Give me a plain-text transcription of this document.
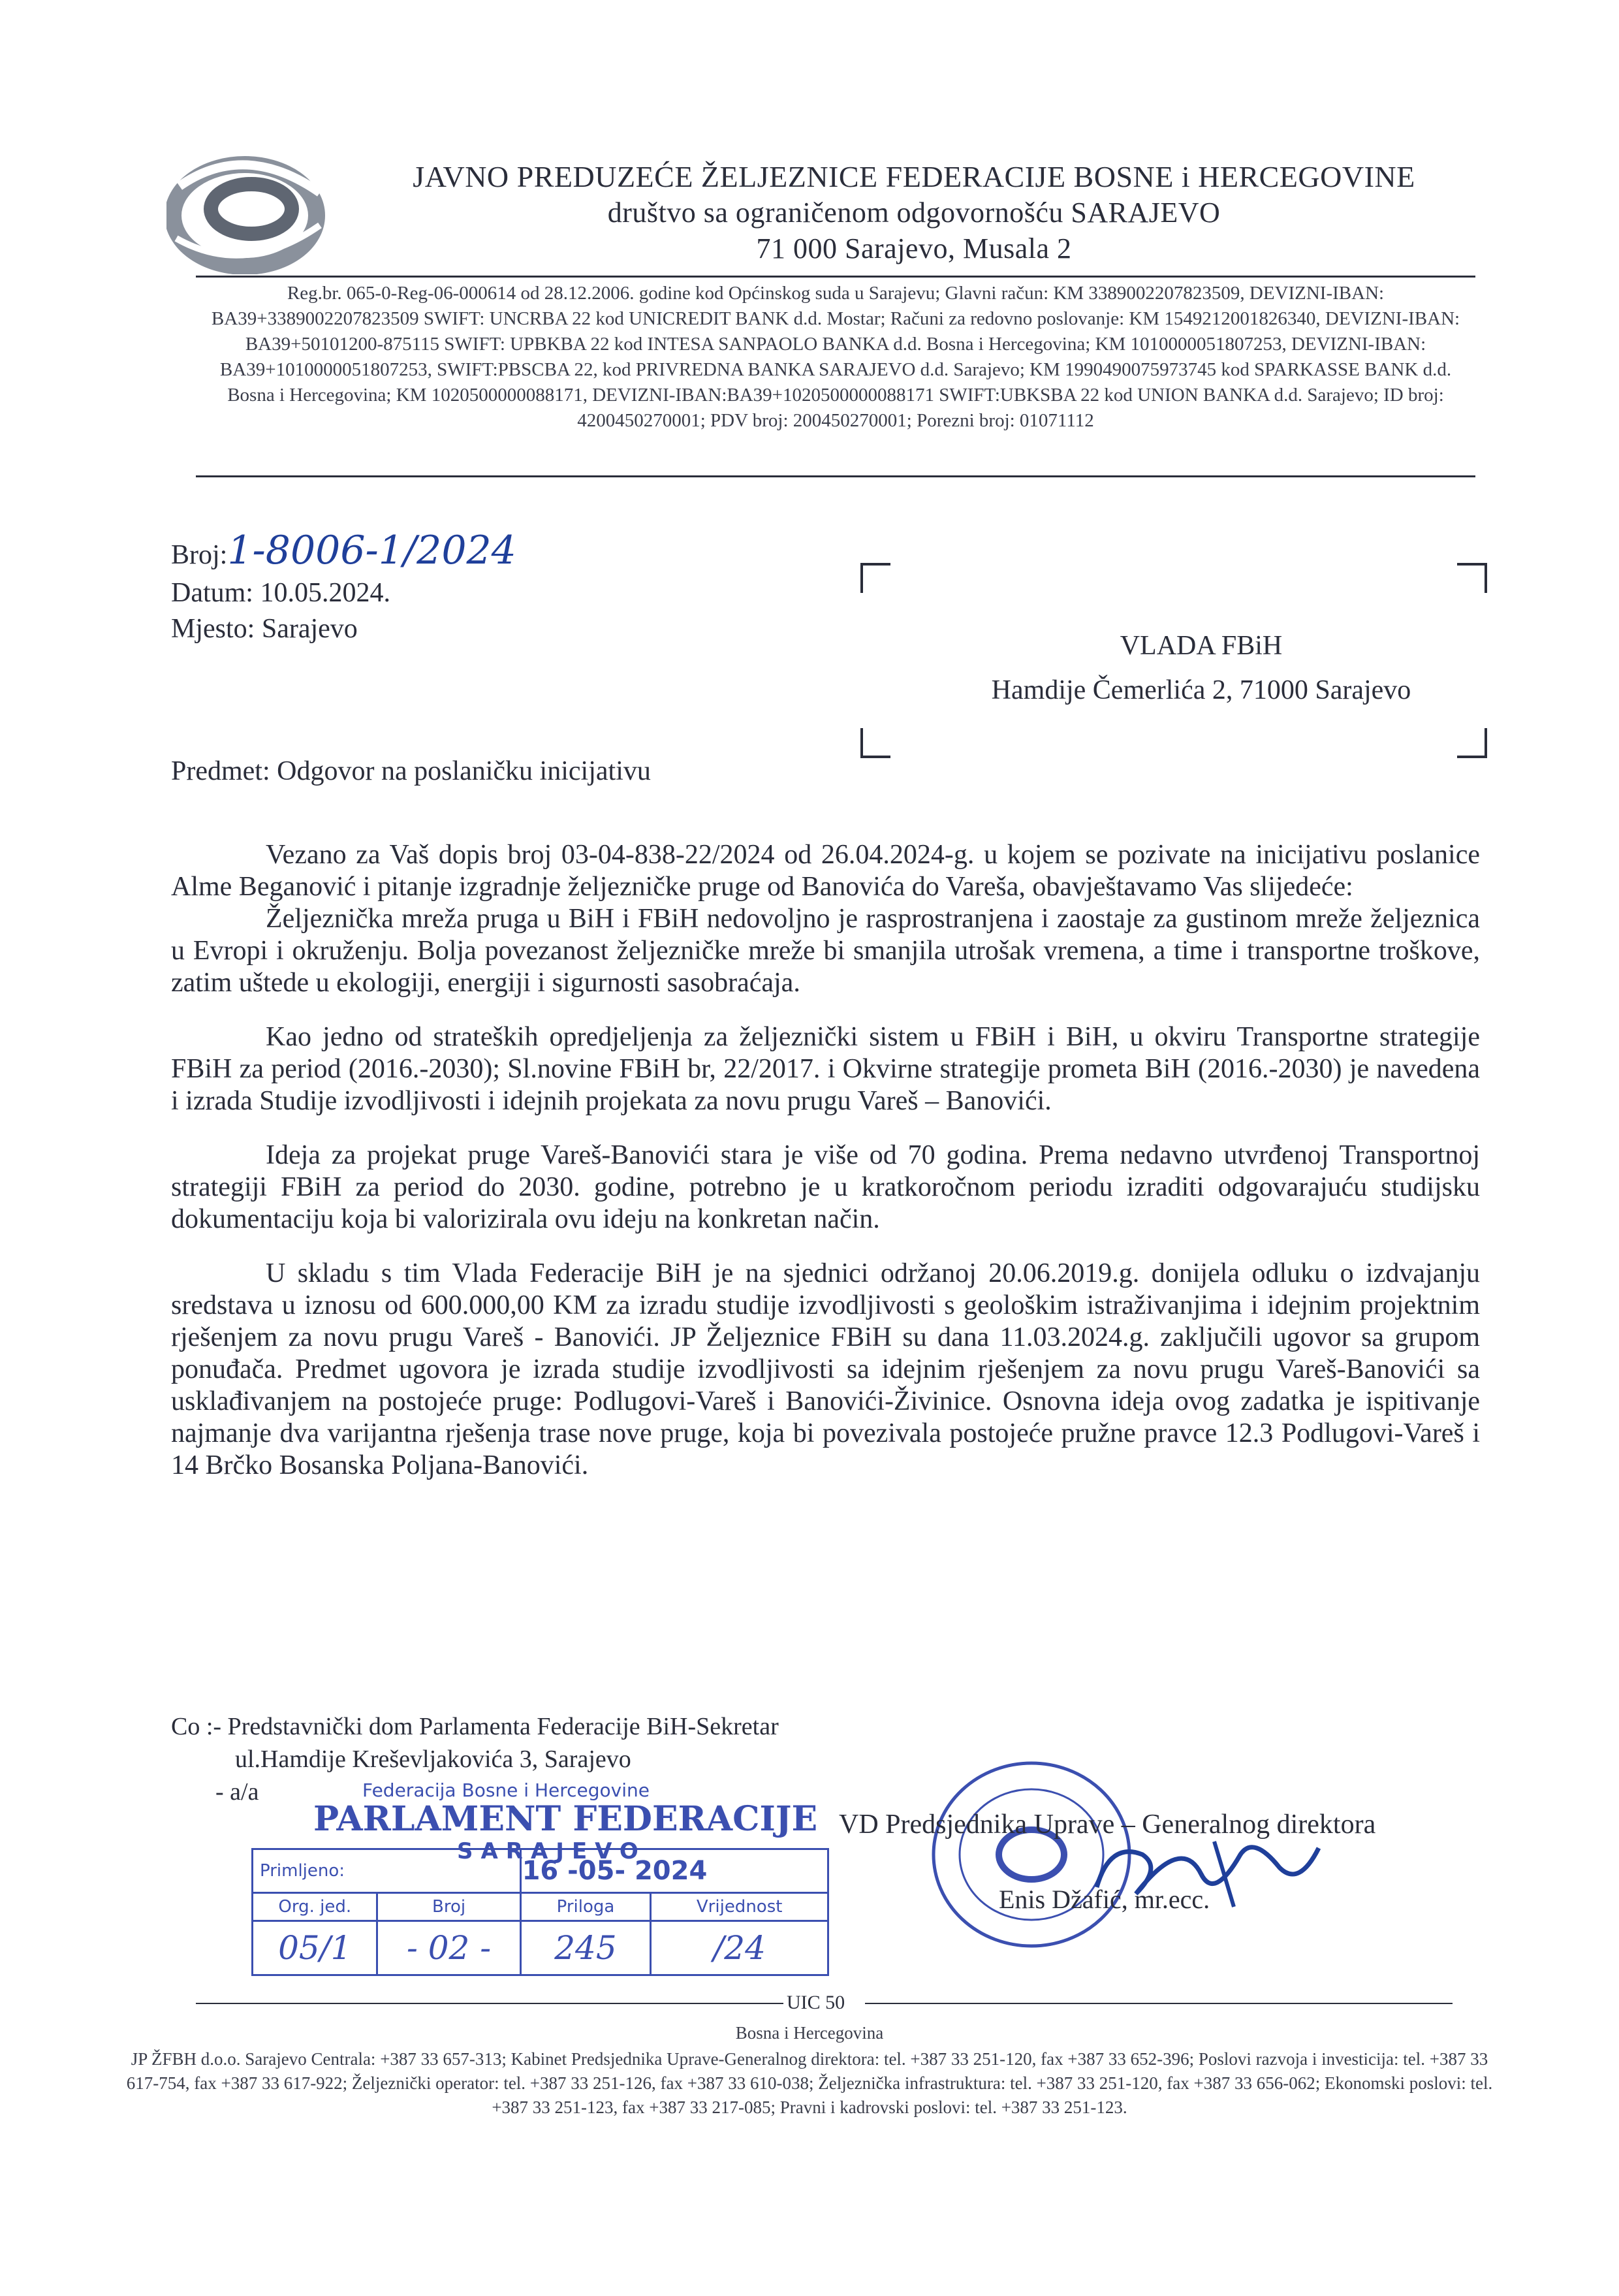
JAVNO PREDUZEĆE ŽELJEZNICE FEDERACIJE BOSNE i HERCEGOVINE
društvo sa ograničenom odgovornošću SARAJEVO
71 000 Sarajevo, Musala 2
Reg.br. 065-0-Reg-06-000614 od 28.12.2006. godine kod Općinskog suda u Sarajevu; Glavni račun: KM 3389002207823509, DEVIZNI-IBAN: BA39+3389002207823509 SWIFT: UNCRBA 22 kod UNICREDIT BANK d.d. Mostar; Računi za redovno poslovanje: KM 1549212001826340, DEVIZNI-IBAN: BA39+50101200-875115 SWIFT: UPBKBA 22 kod INTESA SANPAOLO BANKA d.d. Bosna i Hercegovina; KM 1010000051807253, DEVIZNI-IBAN: BA39+1010000051807253, SWIFT:PBSCBA 22, kod PRIVREDNA BANKA SARAJEVO d.d. Sarajevo; KM 1990490075973745 kod SPARKASSE BANK d.d. Bosna i Hercegovina; KM 1020500000088171, DEVIZNI-IBAN:BA39+1020500000088171 SWIFT:UBKSBA 22 kod UNION BANKA d.d. Sarajevo; ID broj: 4200450270001; PDV broj: 200450270001; Porezni broj: 01071112
Broj:1-8006-1/2024
Datum: 10.05.2024.
Mjesto: Sarajevo
VLADA FBiH
Hamdije Čemerlića 2, 71000 Sarajevo
Predmet: Odgovor na poslaničku inicijativu

Vezano za Vaš dopis broj 03-04-838-22/2024 od 26.04.2024-g. u kojem se pozivate na inicijativu poslanice Alme Beganović i pitanje izgradnje željezničke pruge od Banovića do Vareša, obavještavamo Vas slijedeće:

Željeznička mreža pruga u BiH i FBiH nedovoljno je rasprostranjena i zaostaje za gustinom mreže željeznica u Evropi i okruženju. Bolja povezanost željezničke mreže bi smanjila utrošak vremena, a time i transportne troškove, zatim uštede u ekologiji, energiji i sigurnosti sasobraćaja.

Kao jedno od strateških opredjeljenja za željeznički sistem u FBiH i BiH, u okviru Transportne strategije FBiH za period (2016.-2030); Sl.novine FBiH br, 22/2017. i Okvirne strategije prometa BiH (2016.-2030) je navedena i izrada Studije izvodljivosti i idejnih projekata za novu prugu Vareš – Banovići.

Ideja za projekat pruge Vareš-Banovići stara je više od 70 godina. Prema nedavno utvrđenoj Transportnoj strategiji FBiH za period do 2030. godine, potrebno je u kratkoročnom periodu izraditi odgovarajuću studijsku dokumentaciju koja bi valorizirala ovu ideju na konkretan način.

U skladu s tim Vlada Federacije BiH je na sjednici održanoj 20.06.2019.g. donijela odluku o izdvajanju sredstava u iznosu od 600.000,00 KM za izradu studije izvodljivosti s geološkim istraživanjima i idejnim projektnim rješenjem za novu prugu Vareš - Banovići. JP Željeznice FBiH su dana 11.03.2024.g. zaključili ugovor sa grupom ponuđača. Predmet ugovora je izrada studije izvodljivosti sa idejnim rješenjem za novu prugu Vareš-Banovići sa usklađivanjem na postojeće pruge: Podlugovi-Vareš i Banovići-Živinice. Osnovna ideja ovog zadatka je ispitivanje najmanje dva varijantna rješenja trase nove pruge, koja bi povezivala postojeće pružne pravce 12.3 Podlugovi-Vareš i 14 Brčko Bosanska Poljana-Banovići.

Co :- Predstavnički dom Parlamenta Federacije BiH-Sekretar
ul.Hamdije Kreševljakovića 3, Sarajevo
- a/a	Federacija Bosne i Hercegovine
PARLAMENT FEDERACIJE
SARAJEVO
Primljeno:		16 -05- 2024	
Org. jed.	Broj	Priloga	Vrijednost
05/1	- 02 -	245	/24
VD Predsjednika Uprave – Generalnog direktora
Enis Džafić, mr.ecc.
UIC 50
Bosna i Hercegovina
JP ŽFBH d.o.o. Sarajevo Centrala: +387 33 657-313; Kabinet Predsjednika Uprave-Generalnog direktora: tel. +387 33 251-120, fax +387 33 652-396; Poslovi razvoja i investicija: tel. +387 33 617-754, fax +387 33 617-922; Željeznički operator: tel. +387 33 251-126, fax +387 33 610-038; Željeznička infrastruktura: tel. +387 33 251-120, fax +387 33 656-062; Ekonomski poslovi: tel. +387 33 251-123, fax +387 33 217-085; Pravni i kadrovski poslovi: tel. +387 33 251-123.
